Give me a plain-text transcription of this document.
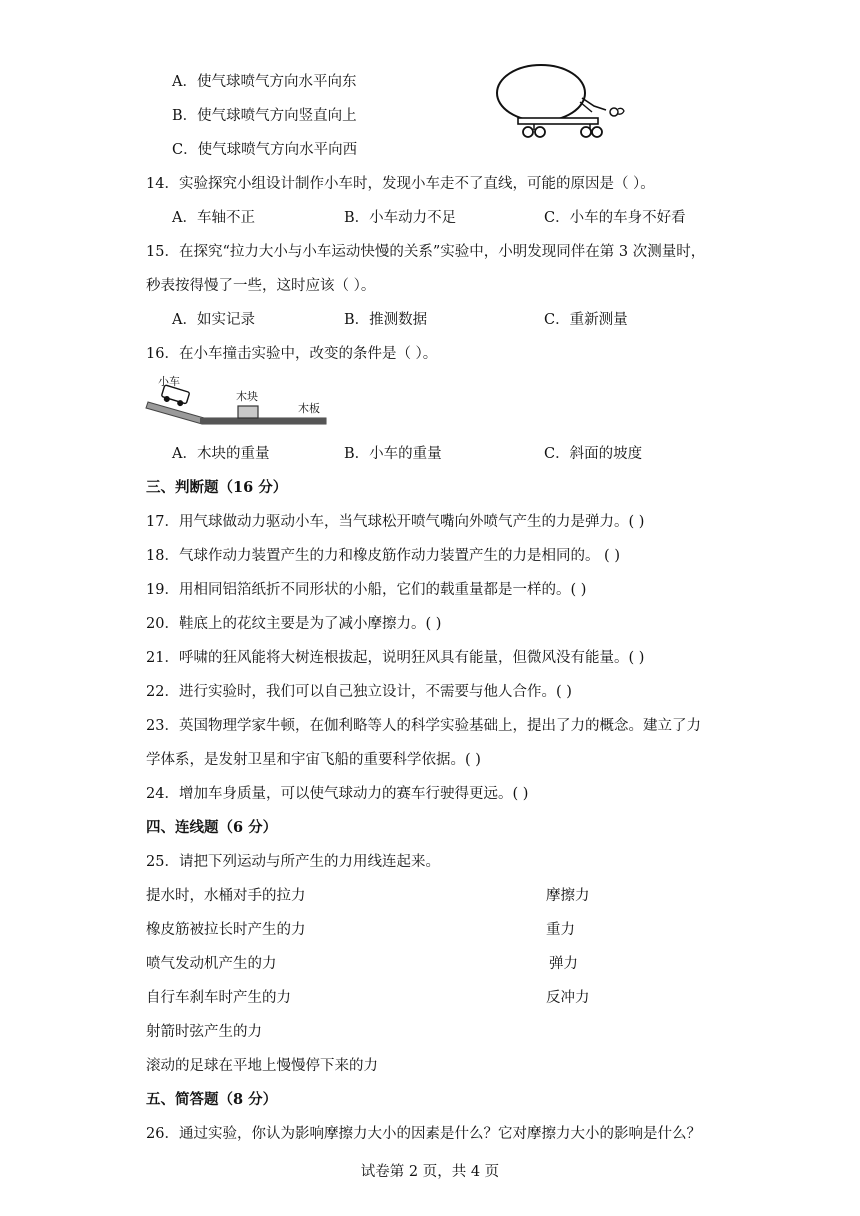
A．使气球喷气方向水平向东
B．使气球喷气方向竖直向上
C．使气球喷气方向水平向西
14．实验探究小组设计制作小车时，发现小车走不了直线，可能的原因是（ ）。
A．车轴不正	B．小车动力不足	C．小车的车身不好看
15．在探究“拉力大小与小车运动快慢的关系”实验中，小明发现同伴在第 3 次测量时，
秒表按得慢了一些，这时应该（ ）。
A．如实记录	B．推测数据	C．重新测量
16．在小车撞击实验中，改变的条件是（ ）。
小车
木块
木板
A．木块的重量	B．小车的重量	C．斜面的坡度
三、判断题（16 分）
17．用气球做动力驱动小车，当气球松开喷气嘴向外喷气产生的力是弹力。( )
18．气球作动力装置产生的力和橡皮筋作动力装置产生的力是相同的。 ( )
19．用相同铝箔纸折不同形状的小船，它们的载重量都是一样的。( )
20．鞋底上的花纹主要是为了减小摩擦力。( )
21．呼啸的狂风能将大树连根拔起，说明狂风具有能量，但微风没有能量。( )
22．进行实验时，我们可以自己独立设计，不需要与他人合作。( )
23．英国物理学家牛顿，在伽利略等人的科学实验基础上，提出了力的概念。建立了力
学体系，是发射卫星和宇宙飞船的重要科学依据。( )
24．增加车身质量，可以使气球动力的赛车行驶得更远。( )
四、连线题（6 分）
25．请把下列运动与所产生的力用线连起来。
提水时，水桶对手的拉力
橡皮筋被拉长时产生的力
喷气发动机产生的力
自行车刹车时产生的力
射箭时弦产生的力
滚动的足球在平地上慢慢停下来的力
摩擦力
重力
弹力
反冲力
五、简答题（8 分）
26．通过实验，你认为影响摩擦力大小的因素是什么？它对摩擦力大小的影响是什么？
试卷第 2 页，共 4 页
